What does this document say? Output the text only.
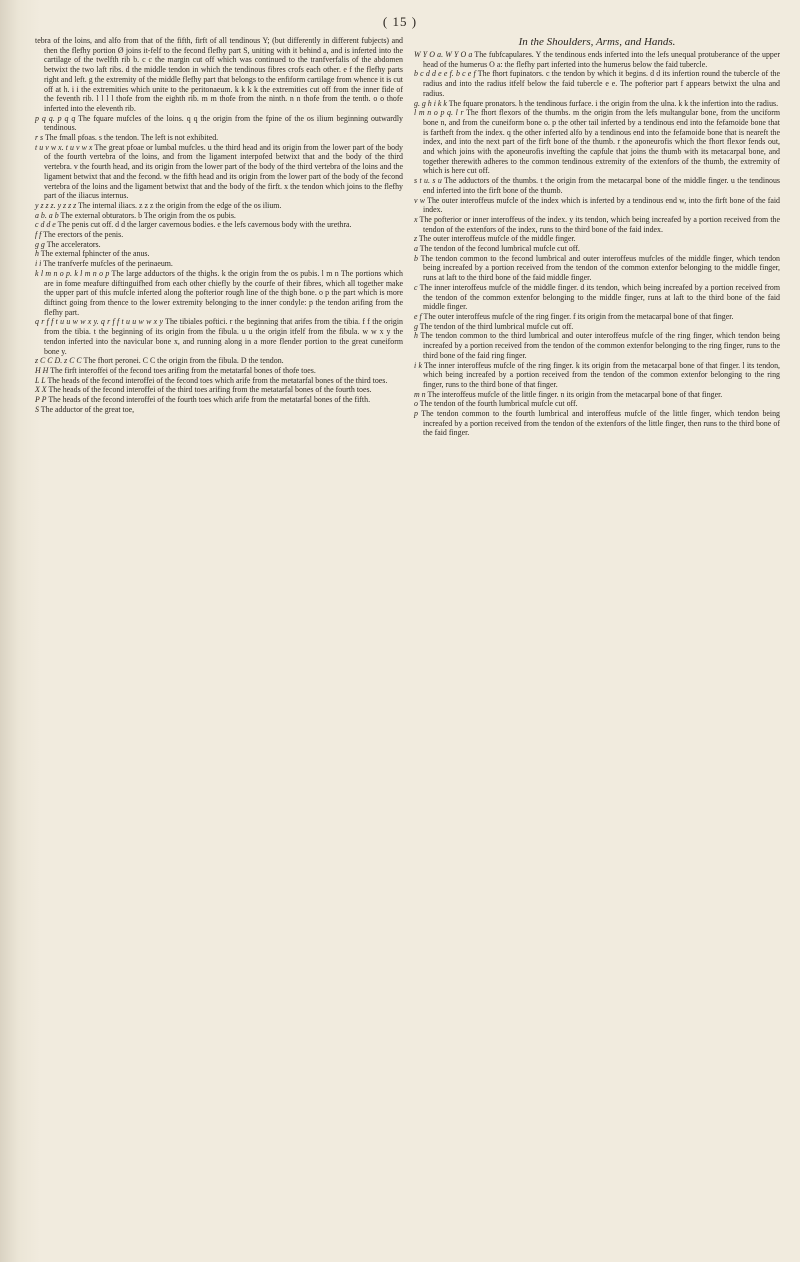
( 15 )

tebra of the loins, and alfo from that of the fifth, firft of all tendinous Y; (but differently in different fubjects) and then the flefhy portion Ø joins it-felf to the fecond flefhy part S, uniting with it behind a, and is inferted into the cartilage of the twelfth rib b. c c the margin cut off which was continued to the tranfverfalis of the abdomen betwixt the two laft ribs. d the middle tendon in which the tendinous fibres crofs each other. e f the flefhy parts right and left. g the extremity of the middle flefhy part that belongs to the enfiform cartilage from whence it is cut off at h. i i the extremities which unite to the peritonaeum. k k k k the extremities cut off from the inner fide of the feventh rib. l l l l thofe from the eighth rib. m m thofe from the ninth. n n thofe from the tenth. o o thofe inferted into the eleventh rib.

p q q. p q q The fquare mufcles of the loins. q q the origin from the fpine of the os ilium beginning outwardly tendinous.

r s The fmall pfoas. s the tendon. The left is not exhibited.

t u v w x. t u v w x The great pfoae or lumbal mufcles. u the third head and its origin from the lower part of the body of the fourth vertebra of the loins, and from the ligament interpofed betwixt that and the body of the third vertebra. v the fourth head, and its origin from the lower part of the body of the third vertebra of the loins and the ligament betwixt that and the fecond. w the fifth head and its origin from the lower part of the body of the fecond vertebra of the loins and the ligament betwixt that and the body of the firft. x the tendon which joins to the flefhy part of the iliacus internus.

y z z z. y z z z The internal iliacs. z z z the origin from the edge of the os ilium.

a b. a b The external obturators. b The origin from the os pubis.

c d d e The penis cut off. d d the larger cavernous bodies. e the lefs cavernous body with the urethra.

f f The erectors of the penis.

g g The accelerators.

h The external fphincter of the anus.

i i The tranfverfe mufcles of the perinaeum.

k l m n o p. k l m n o p The large adductors of the thighs. k the origin from the os pubis. l m n The portions which are in fome meafure diftinguifhed from each other chiefly by the courfe of their fibres, which all together make the upper part of this mufcle inferted along the pofterior rough line of the thigh bone. o p the part which is more diftinct going from thence to the lower extremity belonging to the inner condyle: p the tendon arifing from the flefhy part.

q r f f t u u w w x y. q r f f t u u w w x y The tibiales poftici. r the beginning that arifes from the tibia. f f the origin from the tibia. t the beginning of its origin from the fibula. u u the origin itfelf from the fibula. w w x y the tendon inferted into the navicular bone x, and running along in a more flender portion to the great cuneiform bone y.

z C C D. z C C The fhort peronei. C C the origin from the fibula. D the tendon.

H H The firft interoffei of the fecond toes arifing from the metatarfal bones of thofe toes.

L L The heads of the fecond interoffei of the fecond toes which arife from the metatarfal bones of the third toes.

X X The heads of the fecond interoffei of the third toes arifing from the metatarfal bones of the fourth toes.

P P The heads of the fecond interoffei of the fourth toes which arife from the metatarfal bones of the fifth.

S The adductor of the great toe,

In the Shoulders, Arms, and Hands.

W Y O a. W Y O a The fubfcapulares. Y the tendinous ends inferted into the lefs unequal protuberance of the upper head of the humerus O a: the flefhy part inferted into the humerus below the faid tubercle.

b c d d e e f. b c e f The fhort fupinators. c the tendon by which it begins. d d its infertion round the tubercle of the radius and into the radius itfelf below the faid tubercle e e. The pofterior part f appears betwixt the ulna and radius.

g. g h i k k The fquare pronators. h the tendinous furface. i the origin from the ulna. k k the infertion into the radius.

l m n o p q. l r The fhort flexors of the thumbs. m the origin from the lefs multangular bone, from the unciform bone n, and from the cuneiform bone o. p the other tail inferted by a tendinous end into the fefamoide bone that is fartheft from the index. q the other inferted alfo by a tendinous end into the fefamoide bone that is neareft the index, and into the next part of the firft bone of the thumb. r the aponeurofis which the fhort flexor fends out, and which joins with the aponeurofis invefting the capfule that joins the thumb with its metacarpal bone, and together therewith adheres to the common tendinous extremity of the extenfors of the thumb, the extremity of which is here cut off.

s t u. s u The adductors of the thumbs. t the origin from the metacarpal bone of the middle finger. u the tendinous end inferted into the firft bone of the thumb.

v w The outer interoffeus mufcle of the index which is inferted by a tendinous end w, into the firft bone of the faid index.

x The pofterior or inner interoffeus of the index. y its tendon, which being increafed by a portion received from the tendon of the extenfors of the index, runs to the third bone of the faid index.

z The outer interoffeus mufcle of the middle finger.

a The tendon of the fecond lumbrical mufcle cut off.

b The tendon common to the fecond lumbrical and outer interoffeus mufcles of the middle finger, which tendon being increafed by a portion received from the tendon of the common extenfor belonging to the middle finger, runs at laft to the third bone of the faid middle finger.

c The inner interoffeus mufcle of the middle finger. d its tendon, which being increafed by a portion received from the tendon of the common extenfor belonging to the middle finger, runs at laft to the third bone of the faid middle finger.

e f The outer interoffeus mufcle of the ring finger. f its origin from the metacarpal bone of that finger.

g The tendon of the third lumbrical mufcle cut off.

h The tendon common to the third lumbrical and outer interoffeus mufcle of the ring finger, which tendon being increafed by a portion received from the tendon of the common extenfor belonging to the ring finger, runs to the third bone of the faid ring finger.

i k The inner interoffeus mufcle of the ring finger. k its origin from the metacarpal bone of that finger. l its tendon, which being increafed by a portion received from the tendon of the common extenfor belonging to the ring finger, runs to the third bone of that finger.

m n The interoffeus mufcle of the little finger. n its origin from the metacarpal bone of that finger.

o The tendon of the fourth lumbrical mufcle cut off.

p The tendon common to the fourth lumbrical and interoffeus mufcle of the little finger, which tendon being increafed by a portion received from the tendon of the extenfors of the little finger, then runs to the third bone of the faid finger.
